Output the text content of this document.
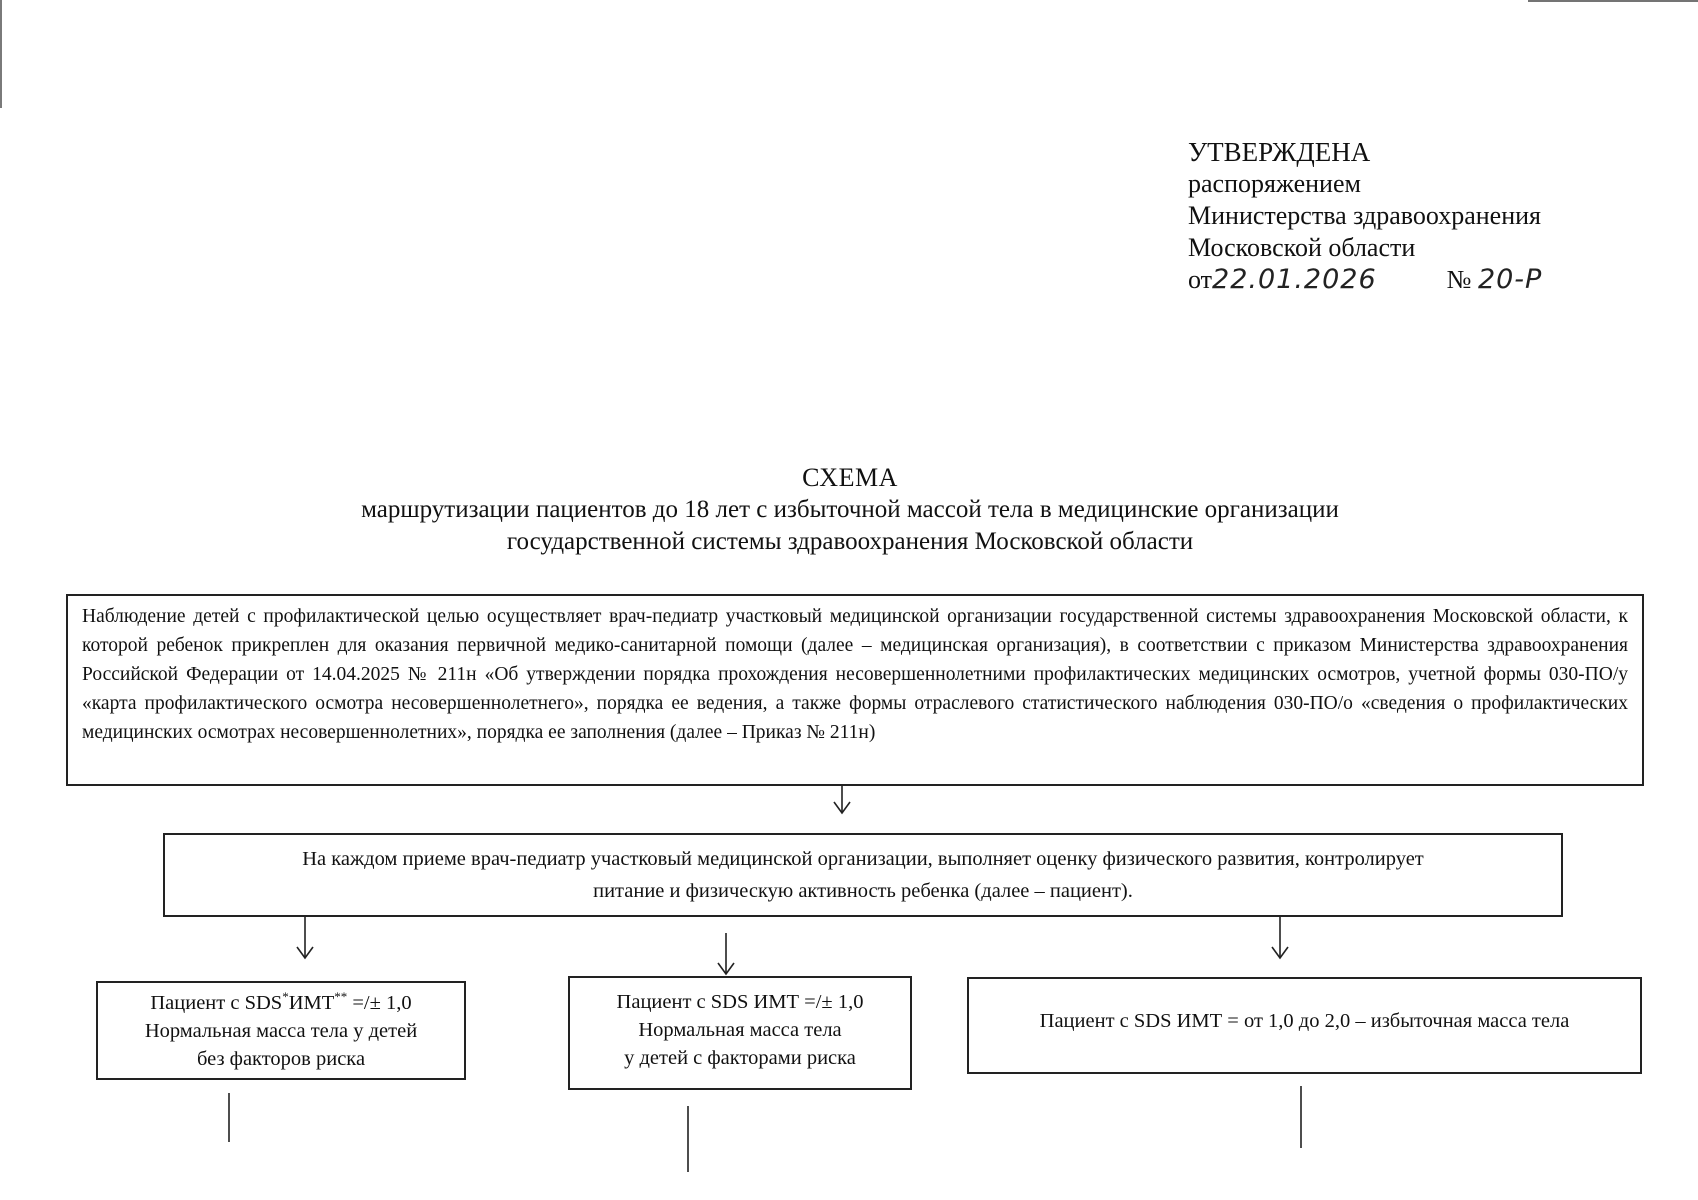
УТВЕРЖДЕНА
распоряжением
Министерства здравоохранения
Московской области
от22.01.2026	№ 20-Р
СХЕМА
маршрутизации пациентов до 18 лет с избыточной массой тела в медицинские организации
государственной системы здравоохранения Московской области
Наблюдение детей с профилактической целью осуществляет врач-педиатр участковый медицинской организации государственной системы здравоохранения Московской области, к которой ребенок прикреплен для оказания первичной медико-санитарной помощи (далее – медицинская организация), в соответствии с приказом Министерства здравоохранения Российской Федерации от 14.04.2025 № 211н «Об утверждении порядка прохождения несовершеннолетними профилактических медицинских осмотров, учетной формы 030-ПО/у «карта профилактического осмотра несовершеннолетнего», порядка ее ведения, а также формы отраслевого статистического наблюдения 030-ПО/о «сведения о профилактических медицинских осмотрах несовершеннолетних», порядка ее заполнения (далее – Приказ № 211н)
На каждом приеме врач-педиатр участковый медицинской организации, выполняет оценку физического развития, контролирует
питание и физическую активность ребенка (далее – пациент).
Пациент с SDS*ИМТ** =/± 1,0
Нормальная масса тела у детей
без факторов риска
Пациент с SDS ИМТ =/± 1,0
Нормальная масса тела
у детей с факторами риска
Пациент с SDS ИМТ = от 1,0 до 2,0 – избыточная масса тела
